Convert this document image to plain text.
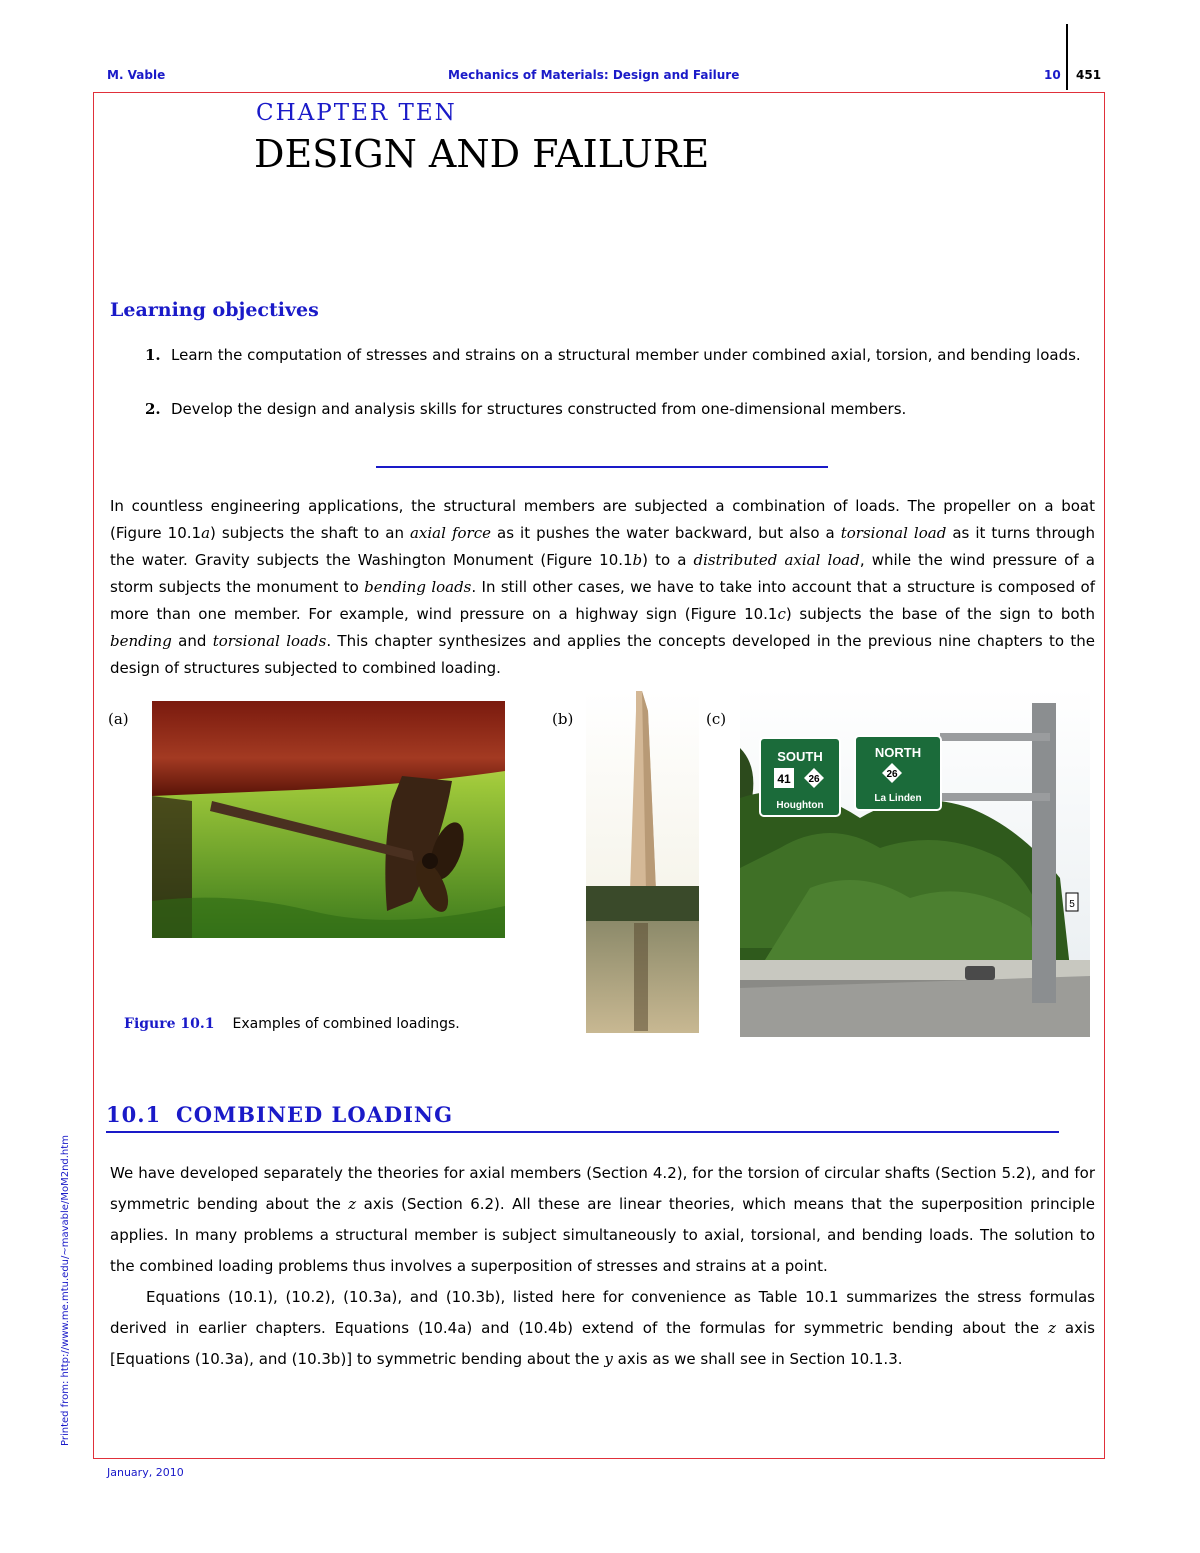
M. Vable	Mechanics of Materials: Design and Failure	10 451
CHAPTER TEN
DESIGN AND FAILURE
Learning objectives
1. Learn the computation of stresses and strains on a structural member under combined axial, torsion, and bending loads.
2. Develop the design and analysis skills for structures constructed from one-dimensional members.
In countless engineering applications, the structural members are subjected a combination of loads. The propeller on a boat (Figure 10.1a) subjects the shaft to an axial force as it pushes the water backward, but also a torsional load as it turns through the water. Gravity subjects the Washington Monument (Figure 10.1b) to a distributed axial load, while the wind pressure of a storm subjects the monument to bending loads. In still other cases, we have to take into account that a structure is composed of more than one member. For example, wind pressure on a highway sign (Figure 10.1c) subjects the base of the sign to both bending and torsional loads. This chapter synthesizes and applies the concepts developed in the previous nine chapters to the design of structures subjected to combined loading.
(a)	(b)	(c)
SOUTH
41 26
Houghton
NORTH
26
La Linden
5
Figure 10.1 Examples of combined loadings.
10.1 COMBINED LOADING
We have developed separately the theories for axial members (Section 4.2), for the torsion of circular shafts (Section 5.2), and for symmetric bending about the z axis (Section 6.2). All these are linear theories, which means that the superposition principle applies. In many problems a structural member is subject simultaneously to axial, torsional, and bending loads. The solution to the combined loading problems thus involves a superposition of stresses and strains at a point.
Equations (10.1), (10.2), (10.3a), and (10.3b), listed here for convenience as Table 10.1 summarizes the stress formulas derived in earlier chapters. Equations (10.4a) and (10.4b) extend of the formulas for symmetric bending about the z axis [Equations (10.3a), and (10.3b)] to symmetric bending about the y axis as we shall see in Section 10.1.3.
Printed from: http://www.me.mtu.edu/~mavable/MoM2nd.htm
January, 2010
